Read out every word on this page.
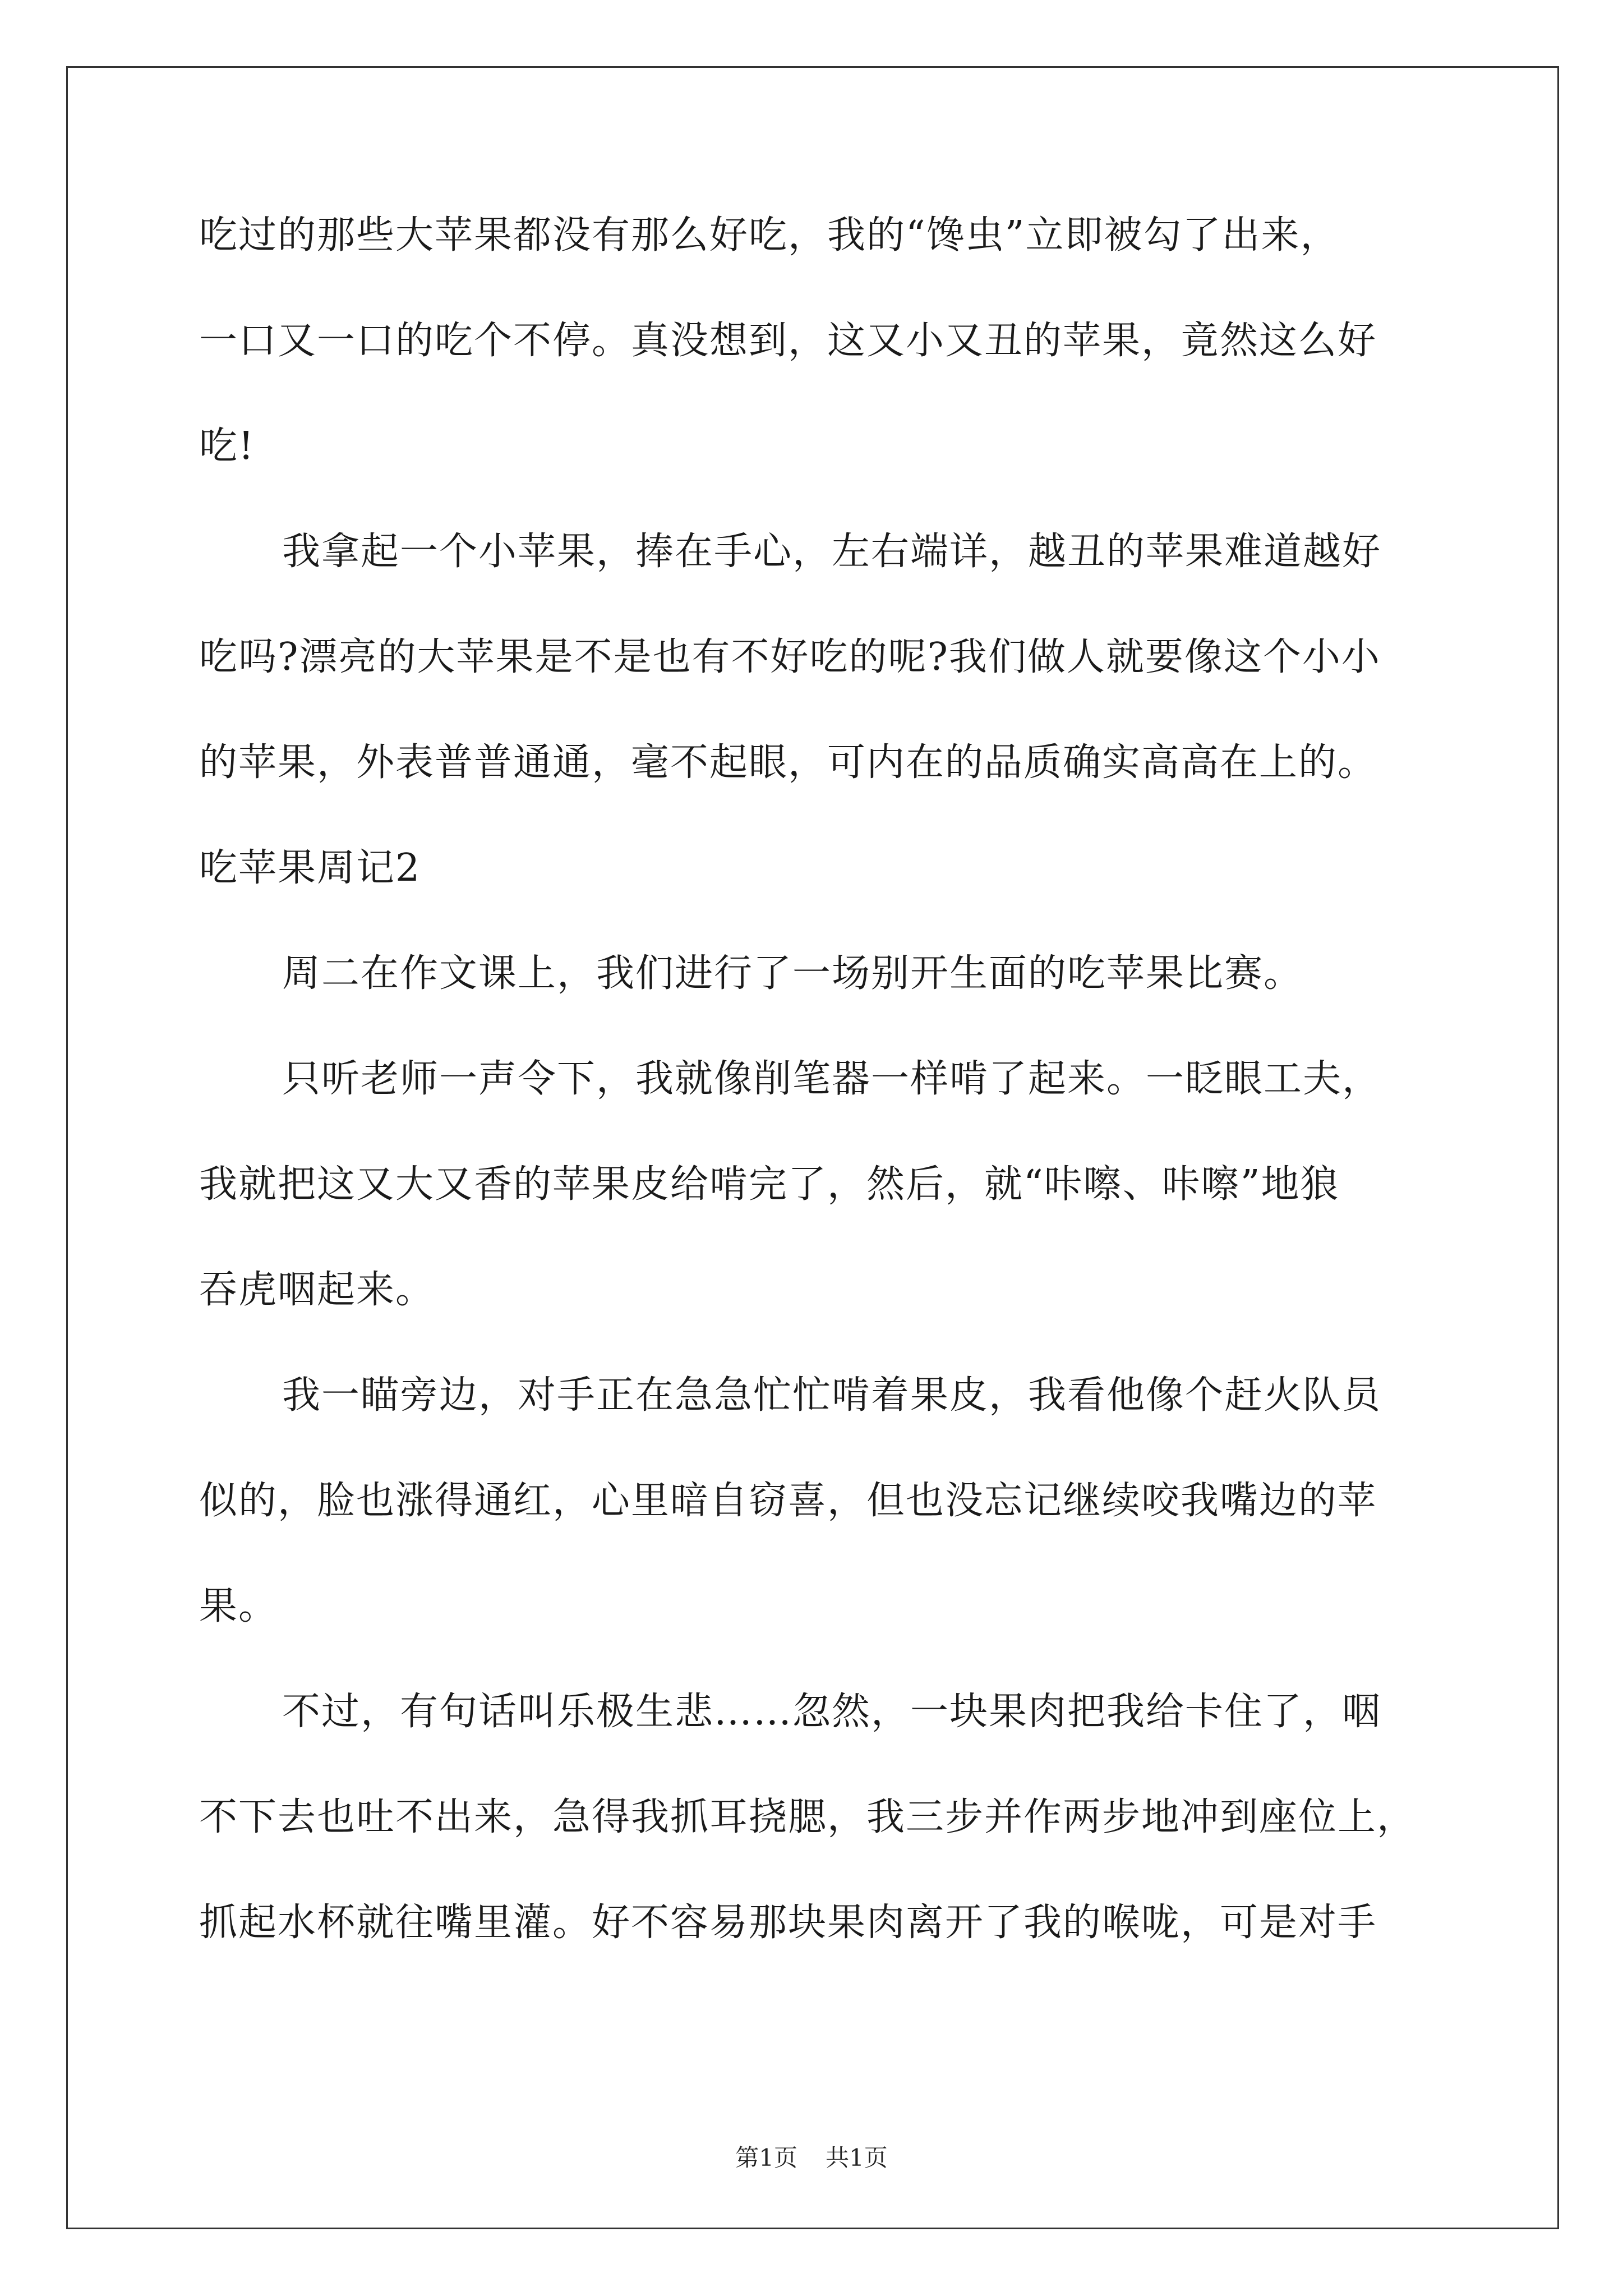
吃过的那些大苹果都没有那么好吃，我的“馋虫”立即被勾了出来，
一口又一口的吃个不停。真没想到，这又小又丑的苹果，竟然这么好
吃!
我拿起一个小苹果，捧在手心，左右端详，越丑的苹果难道越好
吃吗?漂亮的大苹果是不是也有不好吃的呢?我们做人就要像这个小小
的苹果，外表普普通通，毫不起眼，可内在的品质确实高高在上的。
吃苹果周记2
周二在作文课上，我们进行了一场别开生面的吃苹果比赛。
只听老师一声令下，我就像削笔器一样啃了起来。一眨眼工夫，
我就把这又大又香的苹果皮给啃完了，然后，就“咔嚓、咔嚓”地狼
吞虎咽起来。
我一瞄旁边，对手正在急急忙忙啃着果皮，我看他像个赶火队员
似的，脸也涨得通红，心里暗自窃喜，但也没忘记继续咬我嘴边的苹
果。
不过，有句话叫乐极生悲……忽然，一块果肉把我给卡住了，咽
不下去也吐不出来，急得我抓耳挠腮，我三步并作两步地冲到座位上，
抓起水杯就往嘴里灌。好不容易那块果肉离开了我的喉咙，可是对手
第1页 共1页
